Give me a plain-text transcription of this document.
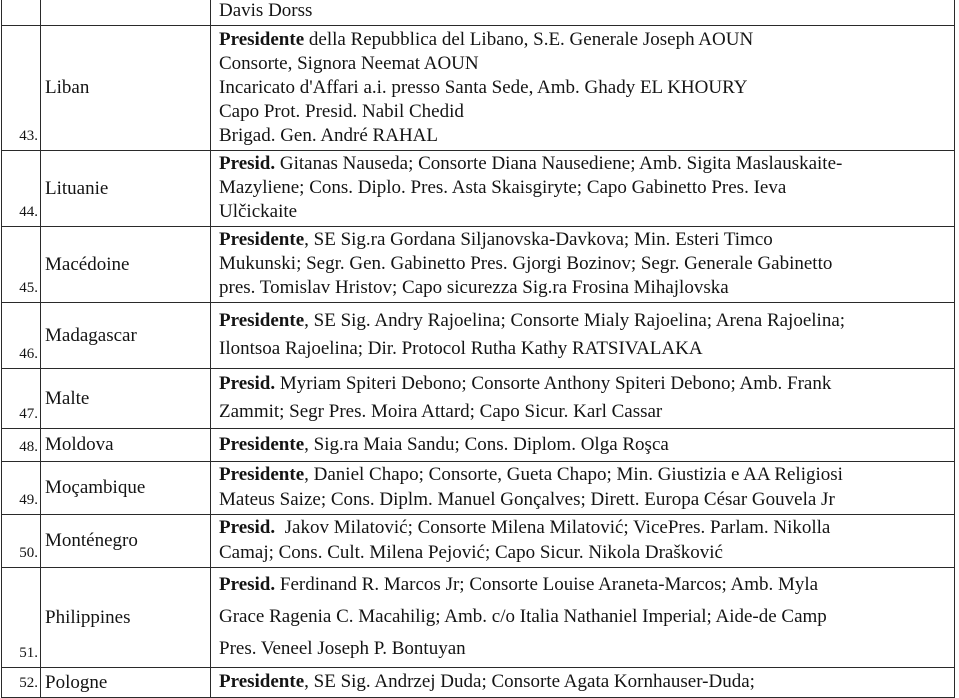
		Davis Dorss

43.	Liban	Presidente della Repubblica del Libano, S.E. Generale Joseph AOUN
Consorte, Signora Neemat AOUN
Incaricato d'Affari a.i. presso Santa Sede, Amb. Ghady EL KHOURY
Capo Prot. Presid. Nabil Chedid
Brigad. Gen. André RAHAL

44.	Lituanie	Presid. Gitanas Nauseda; Consorte Diana Nausediene; Amb. Sigita Maslauskaite-
Mazyliene; Cons. Diplo. Pres. Asta Skaisgiryte; Capo Gabinetto Pres. Ieva
Ulčickaite

45.	Macédoine	Presidente, SE Sig.ra Gordana Siljanovska-Davkova; Min. Esteri Timco
Mukunski; Segr. Gen. Gabinetto Pres. Gjorgi Bozinov; Segr. Generale Gabinetto
pres. Tomislav Hristov; Capo sicurezza Sig.ra Frosina Mihajlovska

46.	Madagascar	Presidente, SE Sig. Andry Rajoelina; Consorte Mialy Rajoelina; Arena Rajoelina;
Ilontsoa Rajoelina; Dir. Protocol Rutha Kathy RATSIVALAKA

47.	Malte	Presid. Myriam Spiteri Debono; Consorte Anthony Spiteri Debono; Amb. Frank
Zammit; Segr Pres. Moira Attard; Capo Sicur. Karl Cassar

48.	Moldova	Presidente, Sig.ra Maia Sandu; Cons. Diplom. Olga Roşca

49.	Moçambique	Presidente, Daniel Chapo; Consorte, Gueta Chapo; Min. Giustizia e AA Religiosi
Mateus Saize; Cons. Diplm. Manuel Gonçalves; Dirett. Europa César Gouvela Jr

50.	Monténegro	Presid.  Jakov Milatović; Consorte Milena Milatović; VicePres. Parlam. Nikolla
Camaj; Cons. Cult. Milena Pejović; Capo Sicur. Nikola Drašković

51.	Philippines	Presid. Ferdinand R. Marcos Jr; Consorte Louise Araneta-Marcos; Amb. Myla
Grace Ragenia C. Macahilig; Amb. c/o Italia Nathaniel Imperial; Aide-de Camp
Pres. Veneel Joseph P. Bontuyan

52.	Pologne	Presidente, SE Sig. Andrzej Duda; Consorte Agata Kornhauser-Duda;
